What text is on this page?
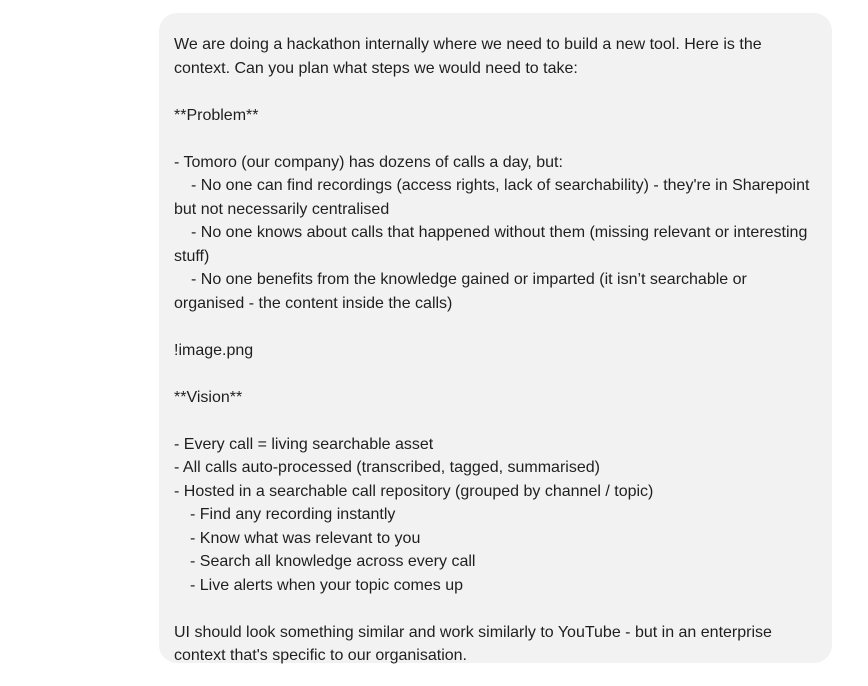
We are doing a hackathon internally where we need to build a new tool. Here is the context. Can you plan what steps we would need to take:
**Problem**
- Tomoro (our company) has dozens of calls a day, but:
- No one can find recordings (access rights, lack of searchability) - they're in Sharepoint but not necessarily centralised
- No one knows about calls that happened without them (missing relevant or interesting stuff)
- No one benefits from the knowledge gained or imparted (it isn’t searchable or organised - the content inside the calls)
!image.png
**Vision**
- Every call = living searchable asset
- All calls auto-processed (transcribed, tagged, summarised)
- Hosted in a searchable call repository (grouped by channel / topic)
- Find any recording instantly
- Know what was relevant to you
- Search all knowledge across every call
- Live alerts when your topic comes up
UI should look something similar and work similarly to YouTube - but in an enterprise context that's specific to our organisation.
